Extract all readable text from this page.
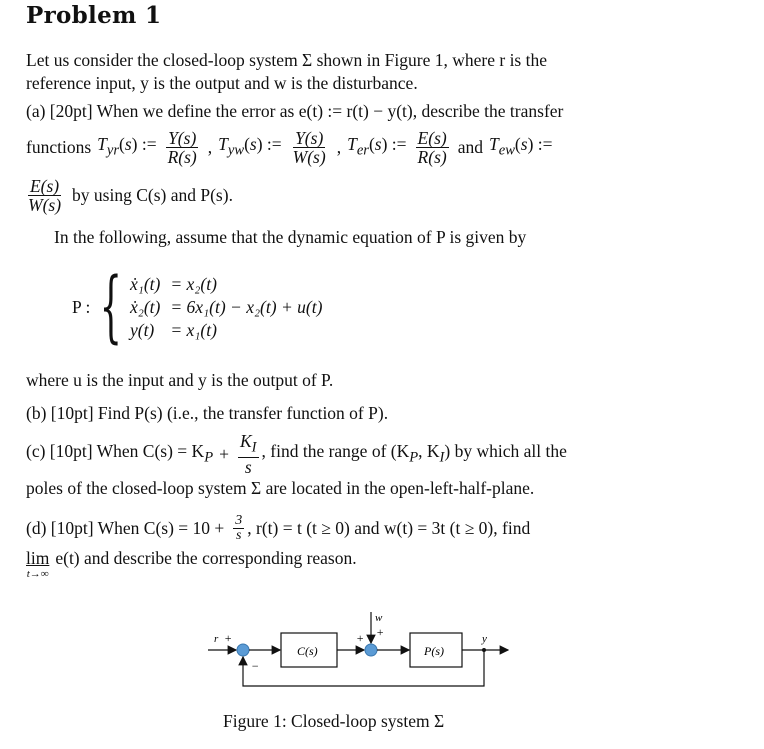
Problem 1
Let us consider the closed-loop system Σ shown in Figure 1, where r is the
reference input, y is the output and w is the disturbance.
(a) [20pt] When we define the error as e(t) := r(t) − y(t), describe the transfer
functions $T_{yr}(s)$ := $\frac{Y(s)}{R(s)}$ , $T_{yw}(s)$ := $\frac{Y(s)}{W(s)}$ , $T_{er}(s)$ := $\frac{E(s)}{R(s)}$ and $T_{ew}(s)$ :=
$\frac{E(s)}{W(s)}$ by using C(s) and P(s).
In the following, assume that the dynamic equation of P is given by
P : { ẋ₁(t) = x₂(t)
ẋ₂(t) = 6x₁(t) − x₂(t) + u(t)
y(t) = x₁(t)
where u is the input and y is the output of P.
(b) [10pt] Find P(s) (i.e., the transfer function of P).
(c) [10pt] When $C(s) = K_P + \frac{K_I}{s}$ , find the range of ($K_P$, $K_I$) by which all the
poles of the closed-loop system Σ are located in the open-left-half-plane.
(d) [10pt] When $C(s) = 10 + \frac{3}{s}$ , r(t) = t (t ≥ 0) and w(t) = 3t (t ≥ 0), find
lim
t→∞
e(t) and describe the corresponding reason.
r +
C(s)
+
w
+
P(s)
y
−
Figure 1: Closed-loop system Σ
